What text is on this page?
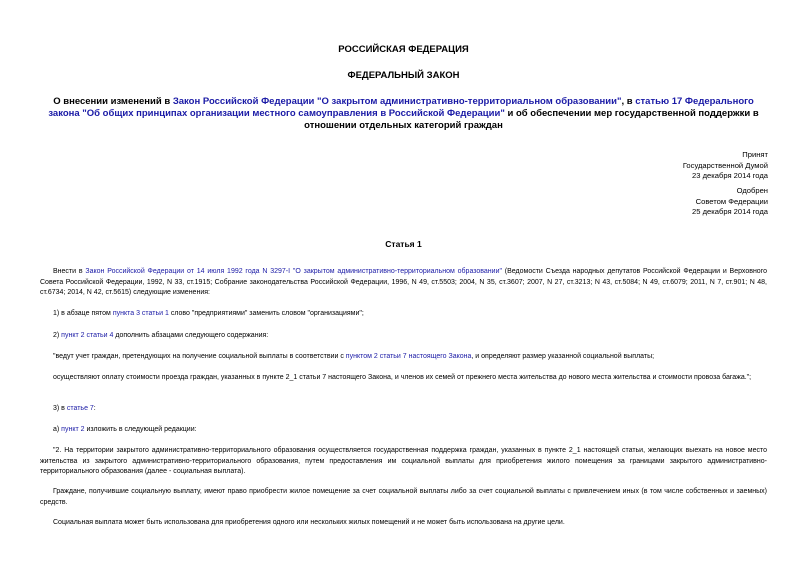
РОССИЙСКАЯ ФЕДЕРАЦИЯ
ФЕДЕРАЛЬНЫЙ ЗАКОН
О внесении изменений в Закон Российской Федерации "О закрытом административно-территориальном образовании", в статью 17 Федерального закона "Об общих принципах организации местного самоуправления в Российской Федерации" и об обеспечении мер государственной поддержки в отношении отдельных категорий граждан
Принят
Государственной Думой
23 декабря 2014 года
Одобрен
Советом Федерации
25 декабря 2014 года
Статья 1
Внести в Закон Российской Федерации от 14 июля 1992 года N 3297-I "О закрытом административно-территориальном образовании" (Ведомости Съезда народных депутатов Российской Федерации и Верховного Совета Российской Федерации, 1992, N 33, ст.1915; Собрание законодательства Российской Федерации, 1996, N 49, ст.5503; 2004, N 35, ст.3607; 2007, N 27, ст.3213; N 43, ст.5084; N 49, ст.6079; 2011, N 7, ст.901; N 48, ст.6734; 2014, N 42, ст.5615) следующие изменения:
1) в абзаце пятом пункта 3 статьи 1 слово "предприятиями" заменить словом "организациями";
2) пункт 2 статьи 4 дополнить абзацами следующего содержания:
"ведут учет граждан, претендующих на получение социальной выплаты в соответствии с пунктом 2 статьи 7 настоящего Закона, и определяют размер указанной социальной выплаты;
осуществляют оплату стоимости проезда граждан, указанных в пункте 2_1 статьи 7 настоящего Закона, и членов их семей от прежнего места жительства до нового места жительства и стоимости провоза багажа.";
3) в статье 7:
а) пункт 2 изложить в следующей редакции:
"2. На территории закрытого административно-территориального образования осуществляется государственная поддержка граждан, указанных в пункте 2_1 настоящей статьи, желающих выехать на новое место жительства из закрытого административно-территориального образования, путем предоставления им социальной выплаты для приобретения жилого помещения за границами закрытого административно-территориального образования (далее - социальная выплата).
Граждане, получившие социальную выплату, имеют право приобрести жилое помещение за счет социальной выплаты либо за счет социальной выплаты с привлечением иных (в том числе собственных и заемных) средств.
Социальная выплата может быть использована для приобретения одного или нескольких жилых помещений и не может быть использована на другие цели.
